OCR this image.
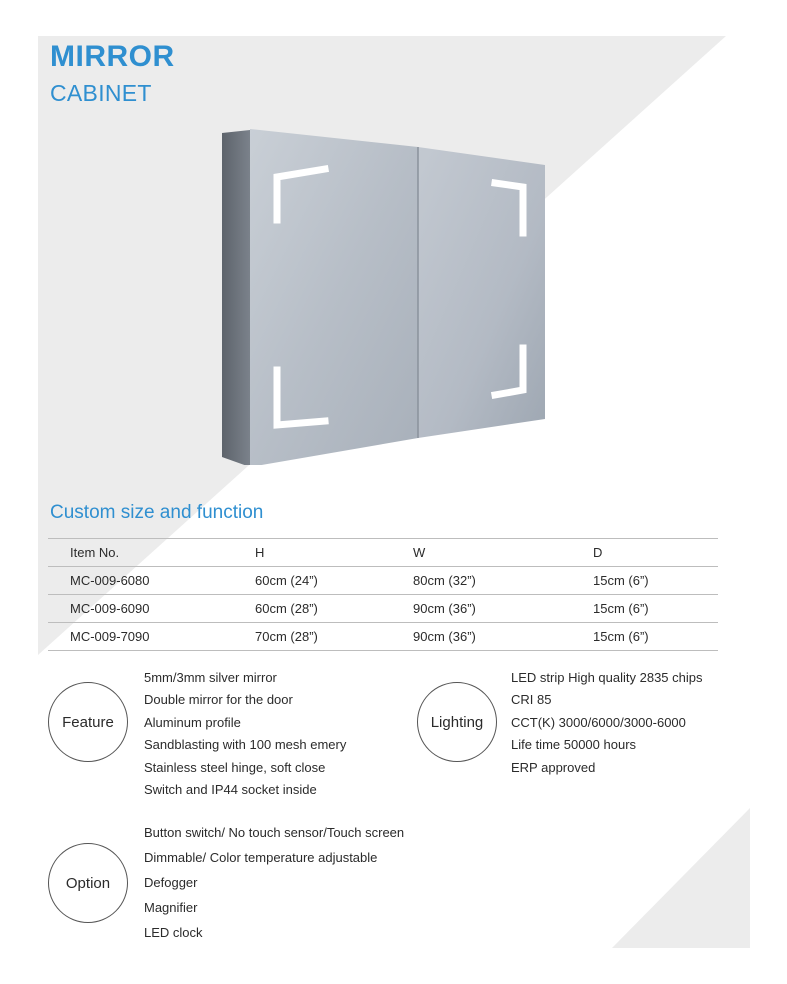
MIRROR
CABINET
Custom size and function
Item No.	H	W	D
MC-009-6080	60cm (24”)	80cm (32”)	15cm (6”)
MC-009-6090	60cm (28”)	90cm (36”)	15cm (6”)
MC-009-7090	70cm (28”)	90cm (36”)	15cm (6”)
Feature
5mm/3mm silver mirror
Double mirror for the door
Aluminum profile
Sandblasting with 100 mesh emery
Stainless steel hinge, soft close
Switch and IP44 socket inside
Lighting
LED strip High quality 2835 chips
CRI 85
CCT(K) 3000/6000/3000-6000
Life time 50000 hours
ERP approved
Option
Button switch/ No touch sensor/Touch screen
Dimmable/ Color temperature adjustable
Defogger
Magnifier
LED clock
